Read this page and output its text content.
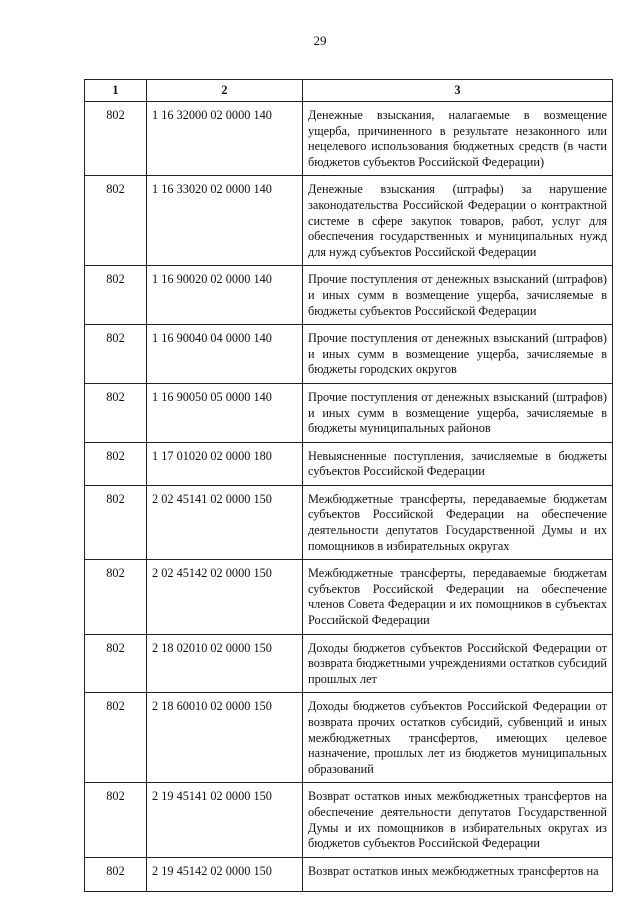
29
1	2	3
802	1 16 32000 02 0000 140	Денежные взыскания, налагаемые в возмещение ущерба, причиненного в результате незаконного или нецелевого использования бюджетных средств (в части бюджетов субъектов Российской Федерации)
802	1 16 33020 02 0000 140	Денежные взыскания (штрафы) за нарушение законодательства Российской Федерации о контрактной системе в сфере закупок товаров, работ, услуг для обеспечения государственных и муниципальных нужд для нужд субъектов Российской Федерации
802	1 16 90020 02 0000 140	Прочие поступления от денежных взысканий (штрафов) и иных сумм в возмещение ущерба, зачисляемые в бюджеты субъектов Российской Федерации
802	1 16 90040 04 0000 140	Прочие поступления от денежных взысканий (штрафов) и иных сумм в возмещение ущерба, зачисляемые в бюджеты городских округов
802	1 16 90050 05 0000 140	Прочие поступления от денежных взысканий (штрафов) и иных сумм в возмещение ущерба, зачисляемые в бюджеты муниципальных районов
802	1 17 01020 02 0000 180	Невыясненные поступления, зачисляемые в бюджеты субъектов Российской Федерации
802	2 02 45141 02 0000 150	Межбюджетные трансферты, передаваемые бюджетам субъектов Российской Федерации на обеспечение деятельности депутатов Государственной Думы и их помощников в избирательных округах
802	2 02 45142 02 0000 150	Межбюджетные трансферты, передаваемые бюджетам субъектов Российской Федерации на обеспечение членов Совета Федерации и их помощников в субъектах Российской Федерации
802	2 18 02010 02 0000 150	Доходы бюджетов субъектов Российской Федерации от возврата бюджетными учреждениями остатков субсидий прошлых лет
802	2 18 60010 02 0000 150	Доходы бюджетов субъектов Российской Федерации от возврата прочих остатков субсидий, субвенций и иных межбюджетных трансфертов, имеющих целевое назначение, прошлых лет из бюджетов муниципальных образований
802	2 19 45141 02 0000 150	Возврат остатков иных межбюджетных трансфертов на обеспечение деятельности депутатов Государственной Думы и их помощников в избирательных округах из бюджетов субъектов Российской Федерации
802	2 19 45142 02 0000 150	Возврат остатков иных межбюджетных трансфертов на
